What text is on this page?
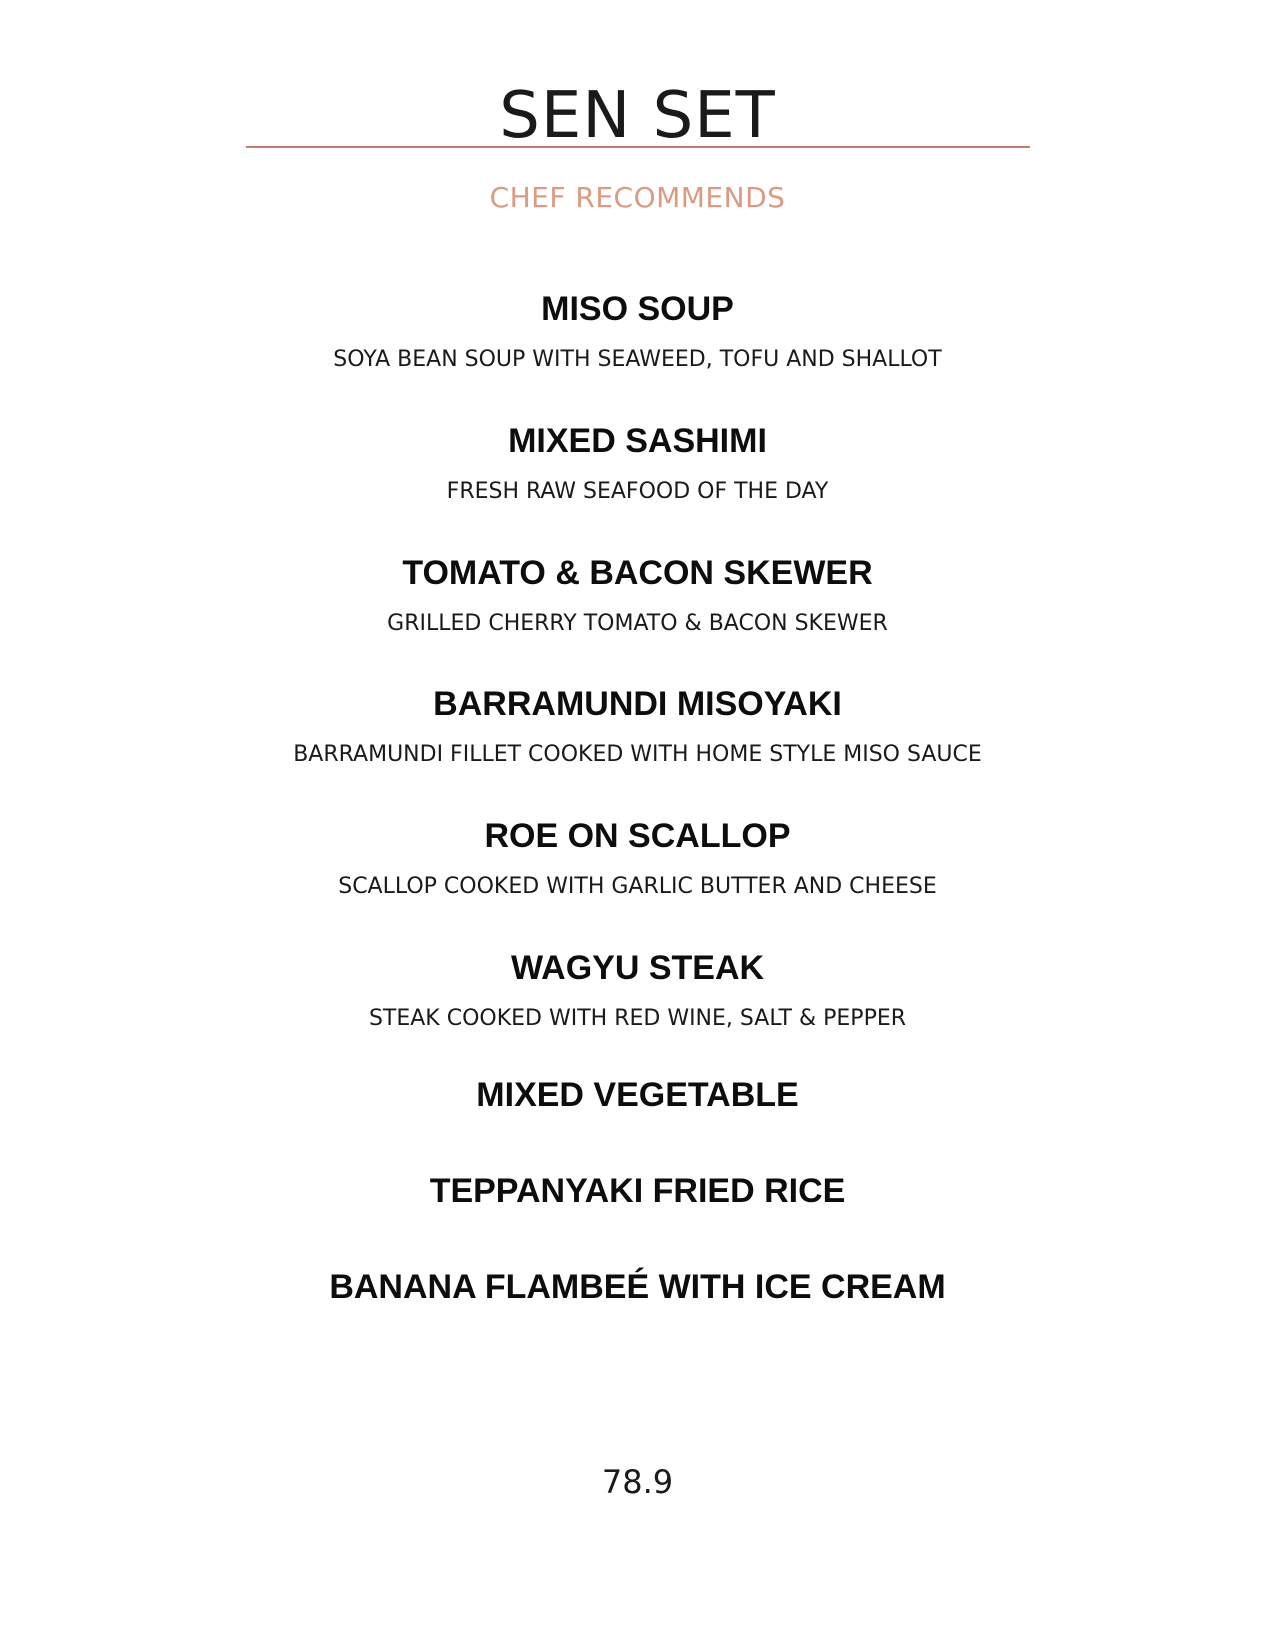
SEN SET
CHEF RECOMMENDS
MISO SOUP
SOYA BEAN SOUP WITH SEAWEED, TOFU AND SHALLOT
MIXED SASHIMI
FRESH RAW SEAFOOD OF THE DAY
TOMATO & BACON SKEWER
GRILLED CHERRY TOMATO & BACON SKEWER
BARRAMUNDI MISOYAKI
BARRAMUNDI FILLET COOKED WITH HOME STYLE MISO SAUCE
ROE ON SCALLOP
SCALLOP COOKED WITH GARLIC BUTTER AND CHEESE
WAGYU STEAK
STEAK COOKED WITH RED WINE, SALT & PEPPER
MIXED VEGETABLE
TEPPANYAKI FRIED RICE
BANANA FLAMBEÉ WITH ICE CREAM
78.9
